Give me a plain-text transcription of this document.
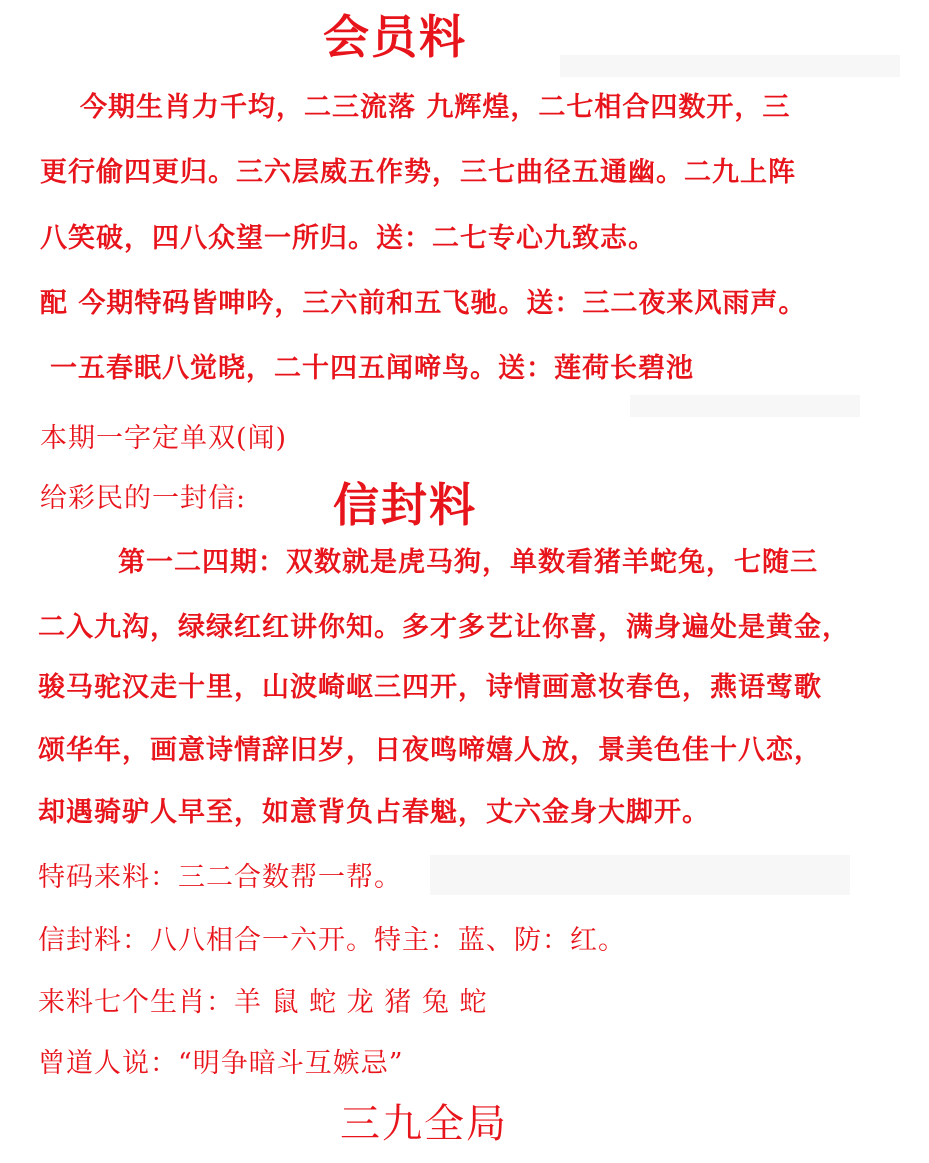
会员料
今期生肖力千均，二三流落 九辉煌，二七相合四数开，三
更行偷四更归。三六层威五作势，三七曲径五通幽。二九上阵
八笑破，四八众望一所归。送：二七专心九致志。
配 今期特码皆呻吟，三六前和五飞驰。送：三二夜来风雨声。
一五春眠八觉晓，二十四五闻啼鸟。送：莲荷长碧池
本期一字定单双(闻)
给彩民的一封信: 信封料
第一二四期：双数就是虎马狗，单数看猪羊蛇兔，七随三
二入九沟，绿绿红红讲你知。多才多艺让你喜，满身遍处是黄金，
骏马驼汉走十里，山波崎岖三四开，诗情画意妆春色，燕语莺歌
颂华年，画意诗情辞旧岁，日夜鸣啼嬉人放，景美色佳十八恋，
却遇骑驴人早至，如意背负占春魁，丈六金身大脚开。
特码来料：三二合数帮一帮。
信封料：八八相合一六开。特主：蓝、防：红。
来料七个生肖：羊 鼠 蛇 龙 猪 兔 蛇
曾道人说：“明争暗斗互嫉忌”
三九全局
